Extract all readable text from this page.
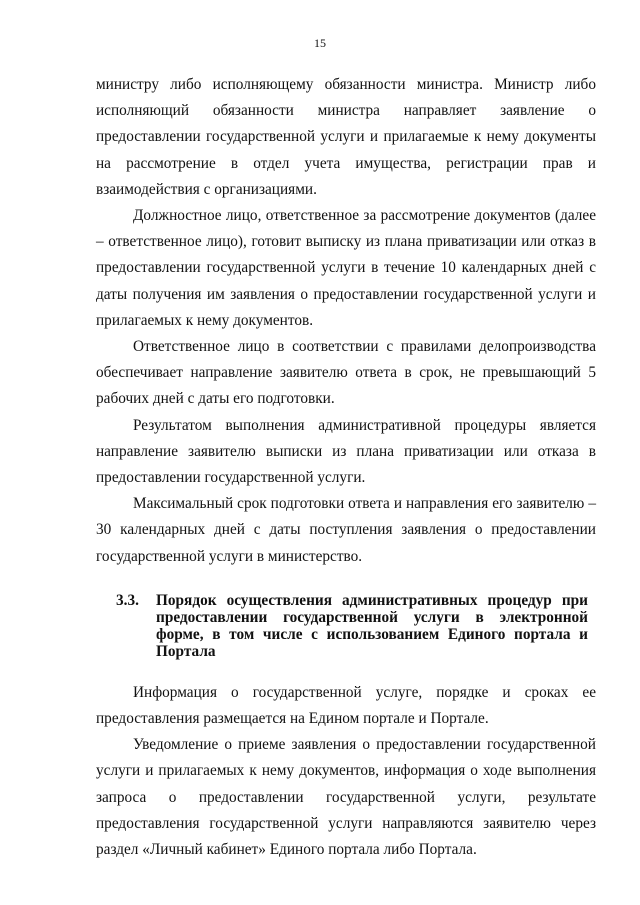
15

министру либо исполняющему обязанности министра. Министр либо исполняющий обязанности министра направляет заявление о предоставлении государственной услуги и прилагаемые к нему документы на рассмотрение в отдел учета имущества, регистрации прав и взаимодействия с организациями.

Должностное лицо, ответственное за рассмотрение документов (далее – ответственное лицо), готовит выписку из плана приватизации или отказ в предоставлении государственной услуги в течение 10 календарных дней с даты получения им заявления о предоставлении государственной услуги и прилагаемых к нему документов.

Ответственное лицо в соответствии с правилами делопроизводства обеспечивает направление заявителю ответа в срок, не превышающий 5 рабочих дней с даты его подготовки.

Результатом выполнения административной процедуры является направление заявителю выписки из плана приватизации или отказа в предоставлении государственной услуги.

Максимальный срок подготовки ответа и направления его заявителю – 30 календарных дней с даты поступления заявления о предоставлении государственной услуги в министерство.

3.3.	Порядок осуществления административных процедур при предоставлении государственной услуги в электронной форме, в том числе с использованием Единого портала и Портала

Информация о государственной услуге, порядке и сроках ее предоставления размещается на Едином портале и Портале.

Уведомление о приеме заявления о предоставлении государственной услуги и прилагаемых к нему документов, информация о ходе выполнения запроса о предоставлении государственной услуги, результате предоставления государственной услуги направляются заявителю через раздел «Личный кабинет» Единого портала либо Портала.
